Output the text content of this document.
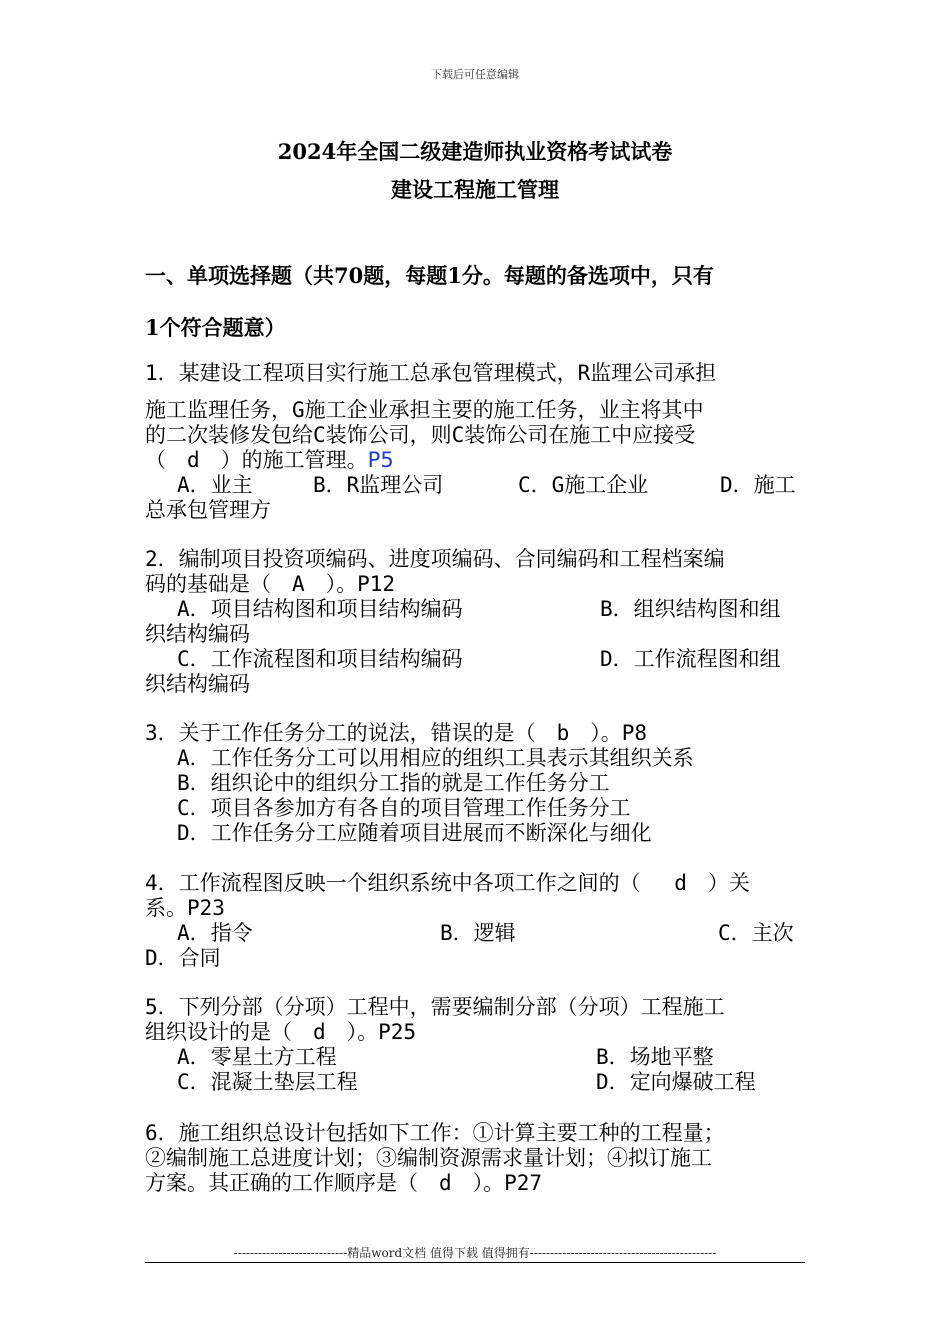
下载后可任意编辑
2024年全国二级建造师执业资格考试试卷
建设工程施工管理
一、单项选择题（共70题，每题1分。每题的备选项中，只有
1个符合题意）
1．某建设工程项目实行施工总承包管理模式，R监理公司承担
施工监理任务，G施工企业承担主要的施工任务，业主将其中
的二次装修发包给C装饰公司，则C装饰公司在施工中应接受
（　d　）的施工管理。P5
A．业主	B．R监理公司	C．G施工企业	D．施工
总承包管理方
2．编制项目投资项编码、进度项编码、合同编码和工程档案编
码的基础是（　A　）。P12
A．项目结构图和项目结构编码	B．组织结构图和组
织结构编码
C．工作流程图和项目结构编码	D．工作流程图和组
织结构编码
3．关于工作任务分工的说法，错误的是（　b　）。P8
A．工作任务分工可以用相应的组织工具表示其组织关系
B．组织论中的组织分工指的就是工作任务分工
C．项目各参加方有各自的项目管理工作任务分工
D．工作任务分工应随着项目进展而不断深化与细化
4．工作流程图反映一个组织系统中各项工作之间的（　 d　）关
系。P23
A．指令	B．逻辑	C．主次
D．合同
5．下列分部（分项）工程中，需要编制分部（分项）工程施工
组织设计的是（　d　）。P25
A．零星土方工程	B．场地平整
C．混凝土垫层工程	D．定向爆破工程
6．施工组织总设计包括如下工作：①计算主要工种的工程量；
②编制施工总进度计划；③编制资源需求量计划；④拟订施工
方案。其正确的工作顺序是（　d　）。P27
----------------------------精品word文档 值得下载 值得拥有----------------------------------------------
